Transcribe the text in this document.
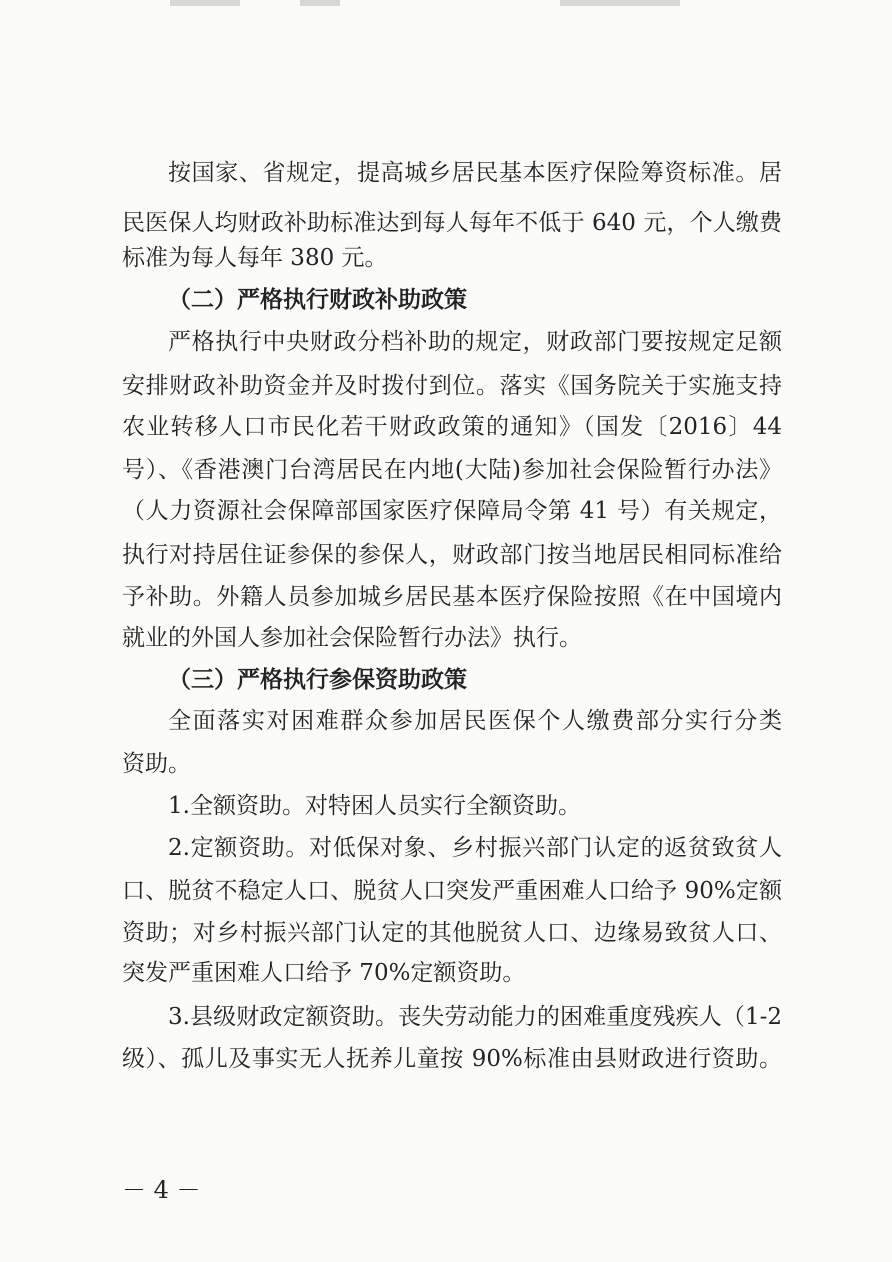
按国家、省规定，提高城乡居民基本医疗保险筹资标准。居
民医保人均财政补助标准达到每人每年不低于 640 元，个人缴费
标准为每人每年 380 元。
（二）严格执行财政补助政策
严格执行中央财政分档补助的规定，财政部门要按规定足额
安排财政补助资金并及时拨付到位。落实《国务院关于实施支持
农业转移人口市民化若干财政政策的通知》（国发〔2016〕44
号）、《香港澳门台湾居民在内地(大陆)参加社会保险暂行办法》
（人力资源社会保障部国家医疗保障局令第 41 号）有关规定，
执行对持居住证参保的参保人，财政部门按当地居民相同标准给
予补助。外籍人员参加城乡居民基本医疗保险按照《在中国境内
就业的外国人参加社会保险暂行办法》执行。
（三）严格执行参保资助政策
全面落实对困难群众参加居民医保个人缴费部分实行分类
资助。
1.全额资助。对特困人员实行全额资助。
2.定额资助。对低保对象、乡村振兴部门认定的返贫致贫人
口、脱贫不稳定人口、脱贫人口突发严重困难人口给予 90%定额
资助；对乡村振兴部门认定的其他脱贫人口、边缘易致贫人口、
突发严重困难人口给予 70%定额资助。
3.县级财政定额资助。丧失劳动能力的困难重度残疾人（1-2
级）、孤儿及事实无人抚养儿童按 90%标准由县财政进行资助。
－ 4 －
